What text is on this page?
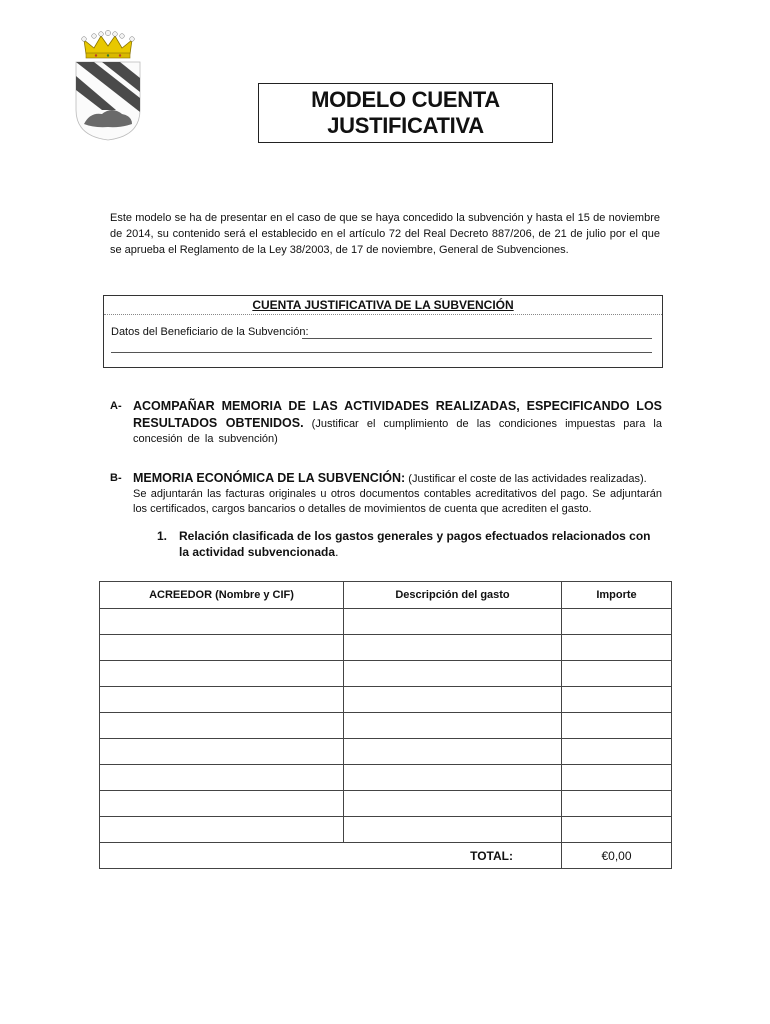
MODELO CUENTA
JUSTIFICATIVA
Este modelo se ha de presentar en el caso de que se haya concedido la subvención y hasta el 15 de noviembre de 2014, su contenido será el establecido en el artículo 72 del Real Decreto 887/206, de 21 de julio por el que se aprueba el Reglamento de la Ley 38/2003, de 17 de noviembre, General de Subvenciones.
CUENTA JUSTIFICATIVA DE LA SUBVENCIÓN
Datos del Beneficiario de la Subvención:
A- ACOMPAÑAR MEMORIA DE LAS ACTIVIDADES REALIZADAS, ESPECIFICANDO LOS RESULTADOS OBTENIDOS. (Justificar el cumplimiento de las condiciones impuestas para la concesión de la subvención)
B- MEMORIA ECONÓMICA DE LA SUBVENCIÓN: (Justificar el coste de las actividades realizadas).
Se adjuntarán las facturas originales u otros documentos contables acreditativos del pago. Se adjuntarán los certificados, cargos bancarios o detalles de movimientos de cuenta que acrediten el gasto.
1. Relación clasificada de los gastos generales y pagos efectuados relacionados con la actividad subvencionada.
ACREEDOR (Nombre y CIF)	Descripción del gasto	Importe

TOTAL:		€0,00
